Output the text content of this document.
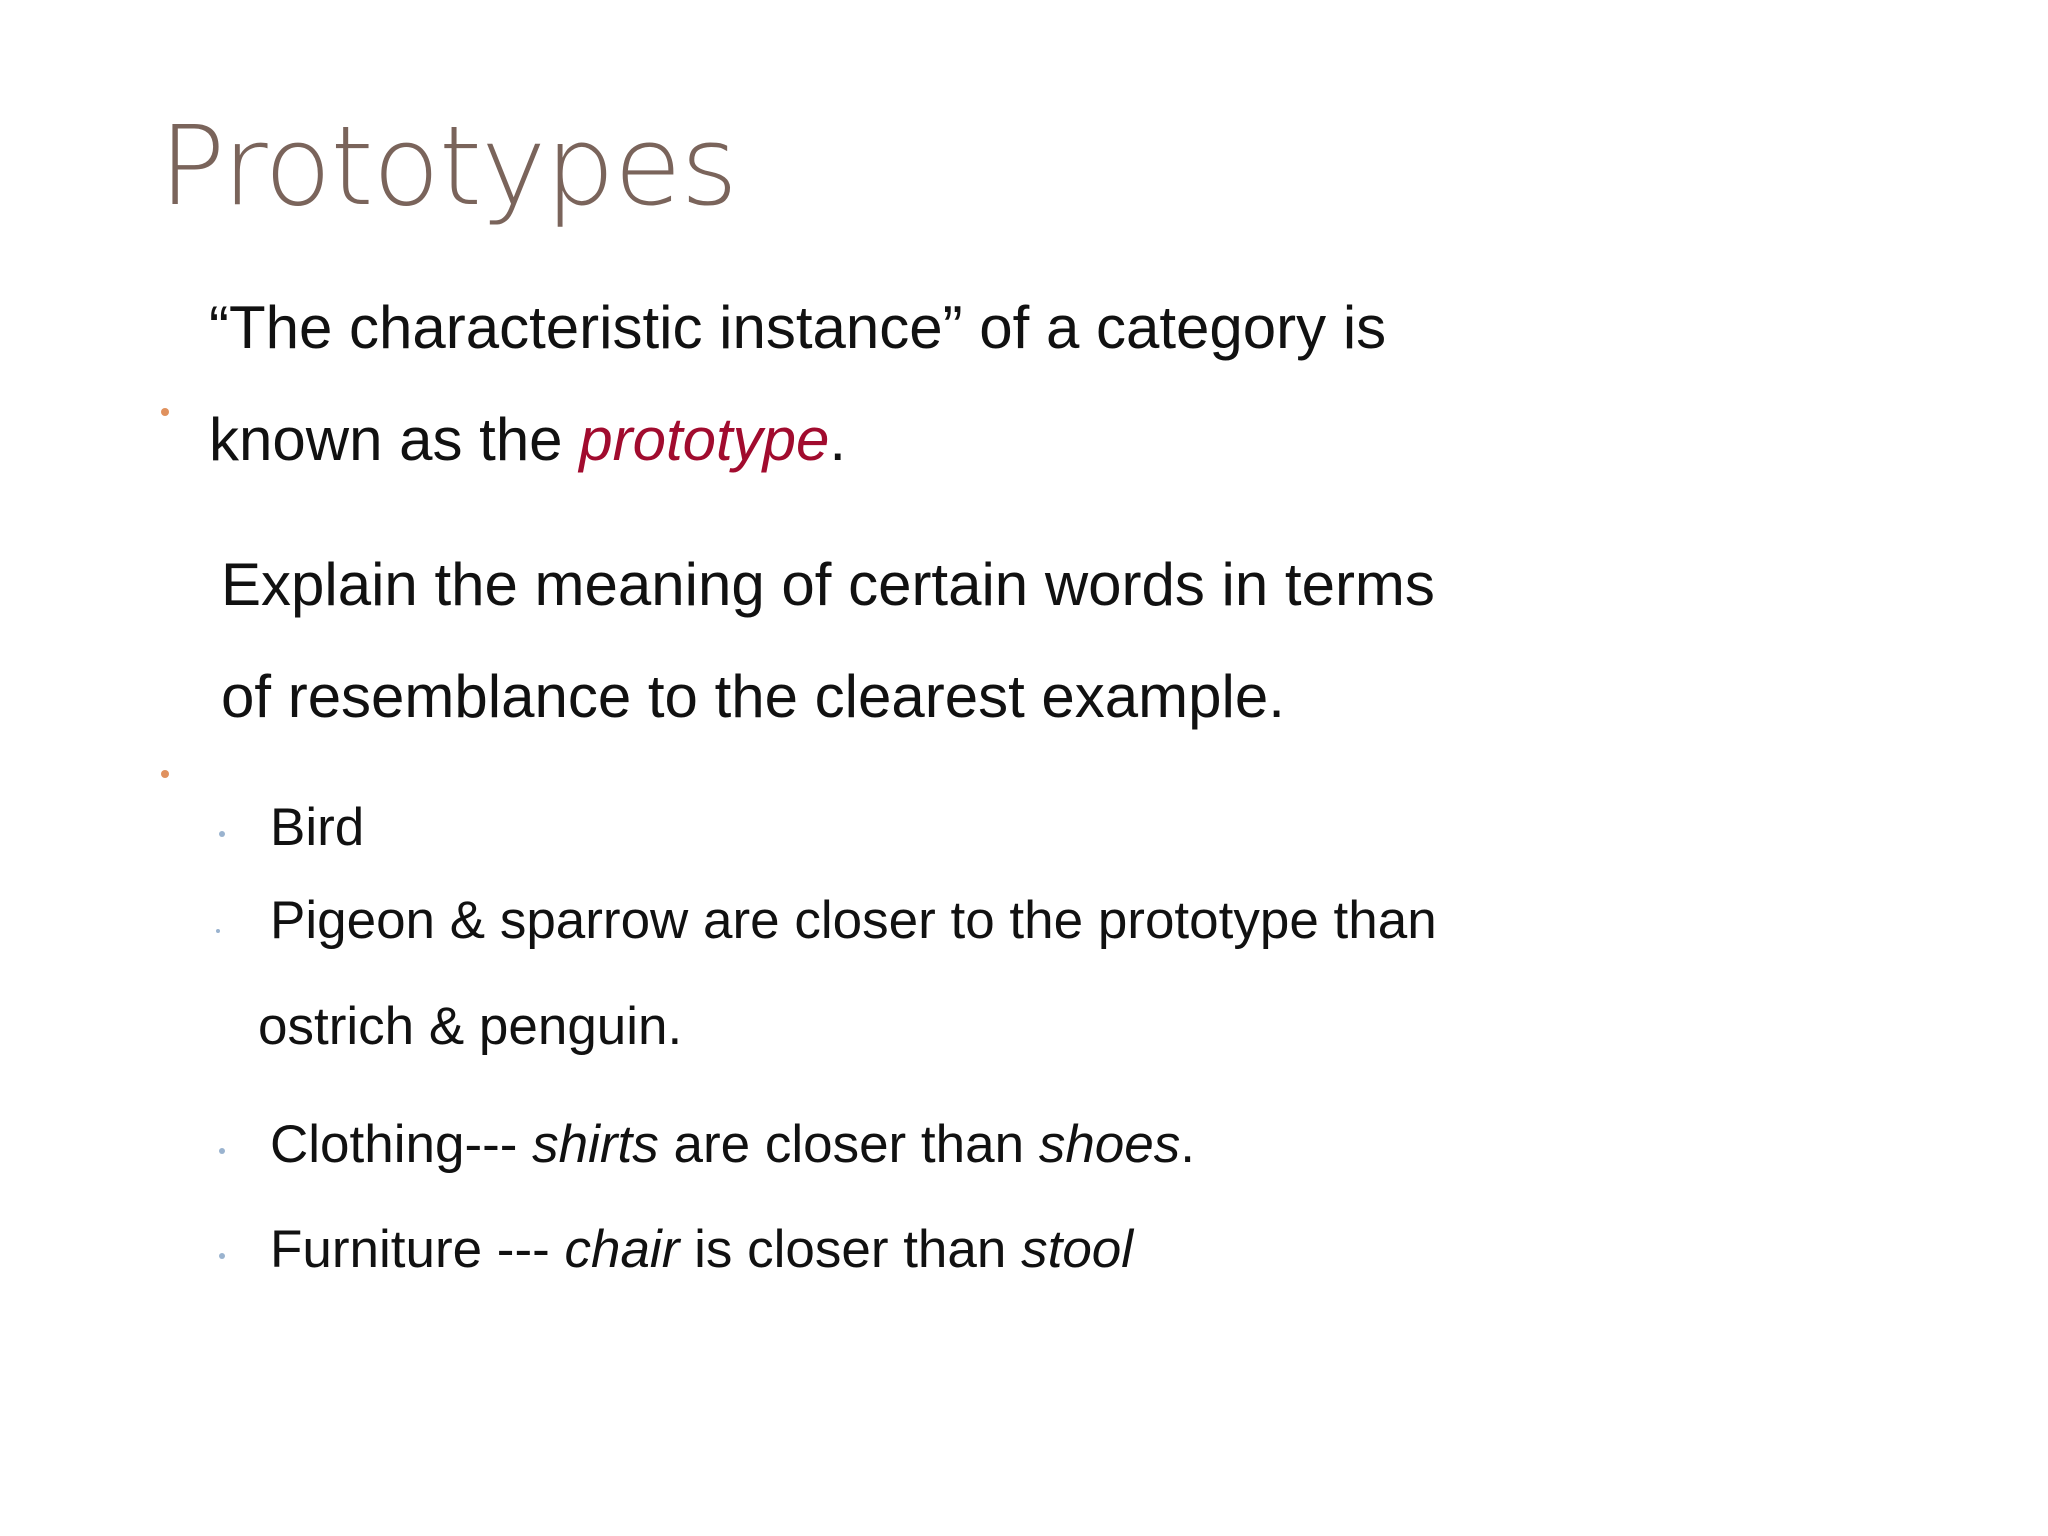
Prototypes
“The characteristic instance” of a category is
known as the prototype.
Explain the meaning of certain words in terms
of resemblance to the clearest example.
Bird
Pigeon & sparrow are closer to the prototype than
ostrich & penguin.
Clothing--- shirts are closer than shoes.
Furniture --- chair is closer than stool
